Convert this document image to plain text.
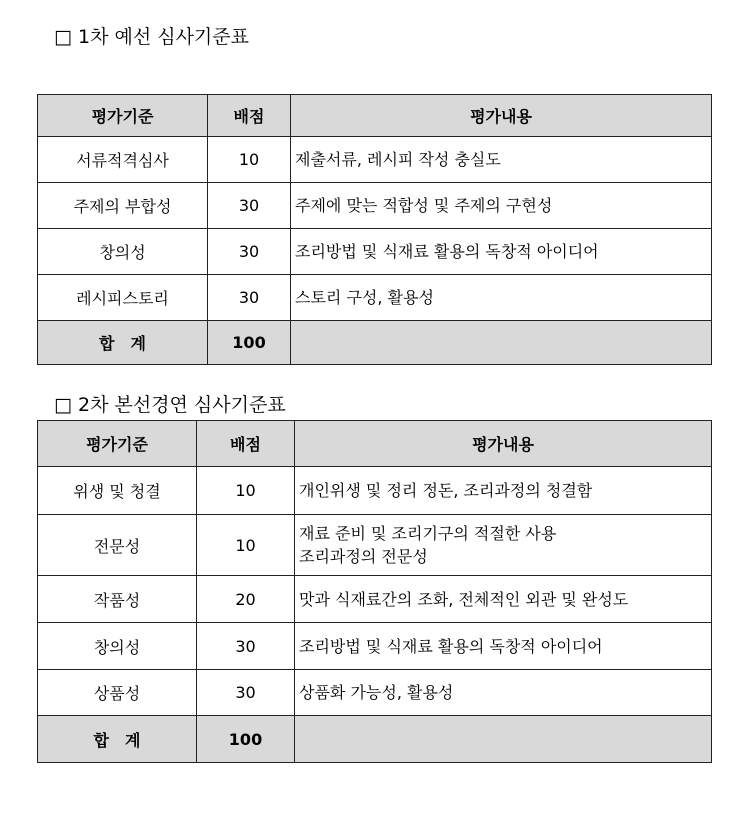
□ 1차 예선 심사기준표
평가기준	배점	평가내용
서류적격심사	10	제출서류, 레시피 작성 충실도

주제의 부합성	30	주제에 맞는 적합성 및 주제의 구현성

창의성	30	조리방법 및 식재료 활용의 독창적 아이디어

레시피스토리	30	스토리 구성, 활용성

합계	100	
□ 2차 본선경연 심사기준표
평가기준	배점	평가내용
위생 및 청결	10	개인위생 및 정리 정돈, 조리과정의 청결함

전문성	10	재료 준비 및 조리기구의 적절한 사용
조리과정의 전문성

작품성	20	맛과 식재료간의 조화, 전체적인 외관 및 완성도

창의성	30	조리방법 및 식재료 활용의 독창적 아이디어

상품성	30	상품화 가능성, 활용성

합계	100	
